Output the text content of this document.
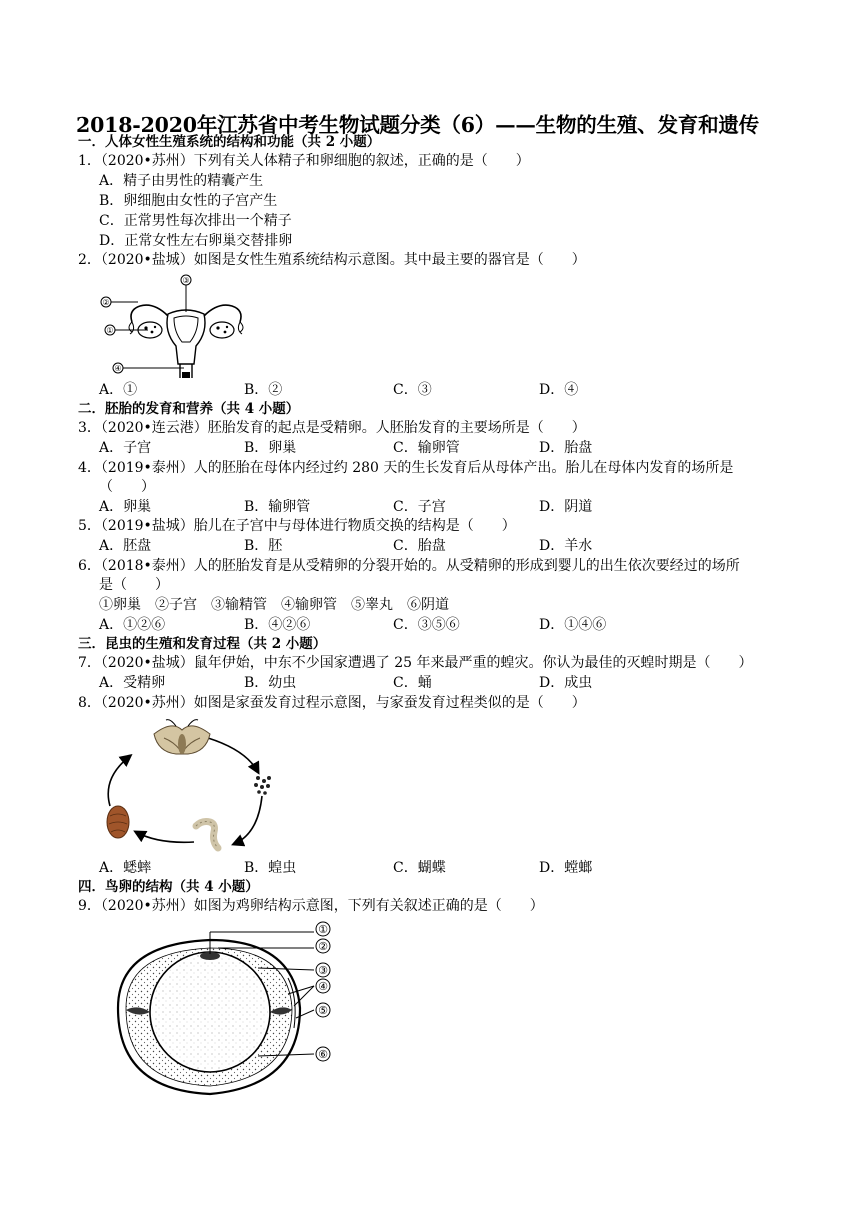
2018-2020年江苏省中考生物试题分类（6）——生物的生殖、发育和遗传
一．人体女性生殖系统的结构和功能（共 2 小题）
1．（2020•苏州）下列有关人体精子和卵细胞的叙述，正确的是（　　）
A．精子由男性的精囊产生
B．卵细胞由女性的子宫产生
C．正常男性每次排出一个精子
D．正常女性左右卵巢交替排卵
2．（2020•盐城）如图是女性生殖系统结构示意图。其中最主要的器官是（　　）
③
②
①
④
A．①	B．②	C．③	D．④
二．胚胎的发育和营养（共 4 小题）
3．（2020•连云港）胚胎发育的起点是受精卵。人胚胎发育的主要场所是（　　）
A．子宫	B．卵巢	C．输卵管	D．胎盘
4．（2019•泰州）人的胚胎在母体内经过约 280 天的生长发育后从母体产出。胎儿在母体内发育的场所是
（　　）
A．卵巢	B．输卵管	C．子宫	D．阴道
5．（2019•盐城）胎儿在子宫中与母体进行物质交换的结构是（　　）
A．胚盘	B．胚	C．胎盘	D．羊水
6．（2018•泰州）人的胚胎发育是从受精卵的分裂开始的。从受精卵的形成到婴儿的出生依次要经过的场所
是（　　）
①卵巢　②子宫　③输精管　④输卵管　⑤睾丸　⑥阴道
A．①②⑥	B．④②⑥	C．③⑤⑥	D．①④⑥
三．昆虫的生殖和发育过程（共 2 小题）
7．（2020•盐城）鼠年伊始，中东不少国家遭遇了 25 年来最严重的蝗灾。你认为最佳的灭蝗时期是（　　）
A．受精卵	B．幼虫	C．蛹	D．成虫
8．（2020•苏州）如图是家蚕发育过程示意图，与家蚕发育过程类似的是（　　）
A．蟋蟀	B．蝗虫	C．蝴蝶	D．螳螂
四．鸟卵的结构（共 4 小题）
9．（2020•苏州）如图为鸡卵结构示意图，下列有关叙述正确的是（　　）
①
②
③
④
⑤
⑥
